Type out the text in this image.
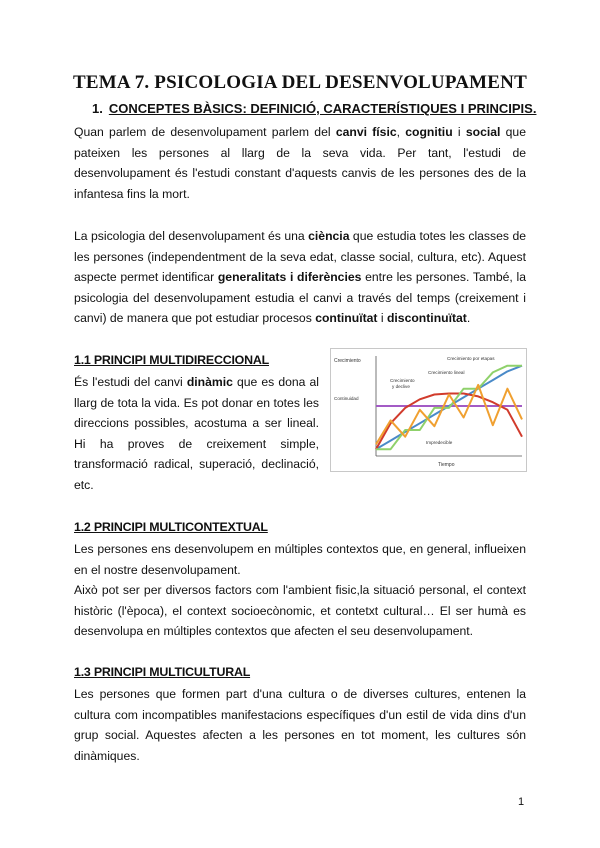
TEMA 7. PSICOLOGIA DEL DESENVOLUPAMENT
1. CONCEPTES BÀSICS: DEFINICIÓ, CARACTERÍSTIQUES I PRINCIPIS.

Quan parlem de desenvolupament parlem del canvi físic, cognitiu i social que pateixen les persones al llarg de la seva vida. Per tant, l'estudi de desenvolupament és l'estudi constant d'aquests canvis de les persones des de la infantesa fins la mort.

La psicologia del desenvolupament és una ciència que estudia totes les classes de les persones (independentment de la seva edat, classe social, cultura, etc). Aquest aspecte permet identificar generalitats i diferències entre les persones. També, la psicologia del desenvolupament estudia el canvi a través del temps (creixement i canvi) de manera que pot estudiar procesos continuïtat i discontinuïtat.

1.1 PRINCIPI MULTIDIRECCIONAL

És l'estudi del canvi dinàmic que es dona al llarg de tota la vida. Es pot donar en totes les direccions possibles, acostuma a ser lineal. Hi ha proves de creixement simple, transformació radical, superació, declinació, etc.

Crecimiento	Crecimiento por etapas
Crecimiento lineal
Crecimiento
y declive
Continuidad
Impredecible
Tiempo
1.2 PRINCIPI MULTICONTEXTUAL

Les persones ens desenvolupem en múltiples contextos que, en general, influeixen en el nostre desenvolupament.

Això pot ser per diversos factors com l'ambient fisic,la situació personal, el context històric (l'època), el context socioecònomic, et contetxt cultural… El ser humà es desenvolupa en múltiples contextos que afecten el seu desenvolupament.

1.3 PRINCIPI MULTICULTURAL

Les persones que formen part d'una cultura o de diverses cultures, entenen la cultura com incompatibles manifestacions específiques d'un estil de vida dins d'un grup social. Aquestes afecten a les persones en tot moment, les cultures són dinàmiques.

1
